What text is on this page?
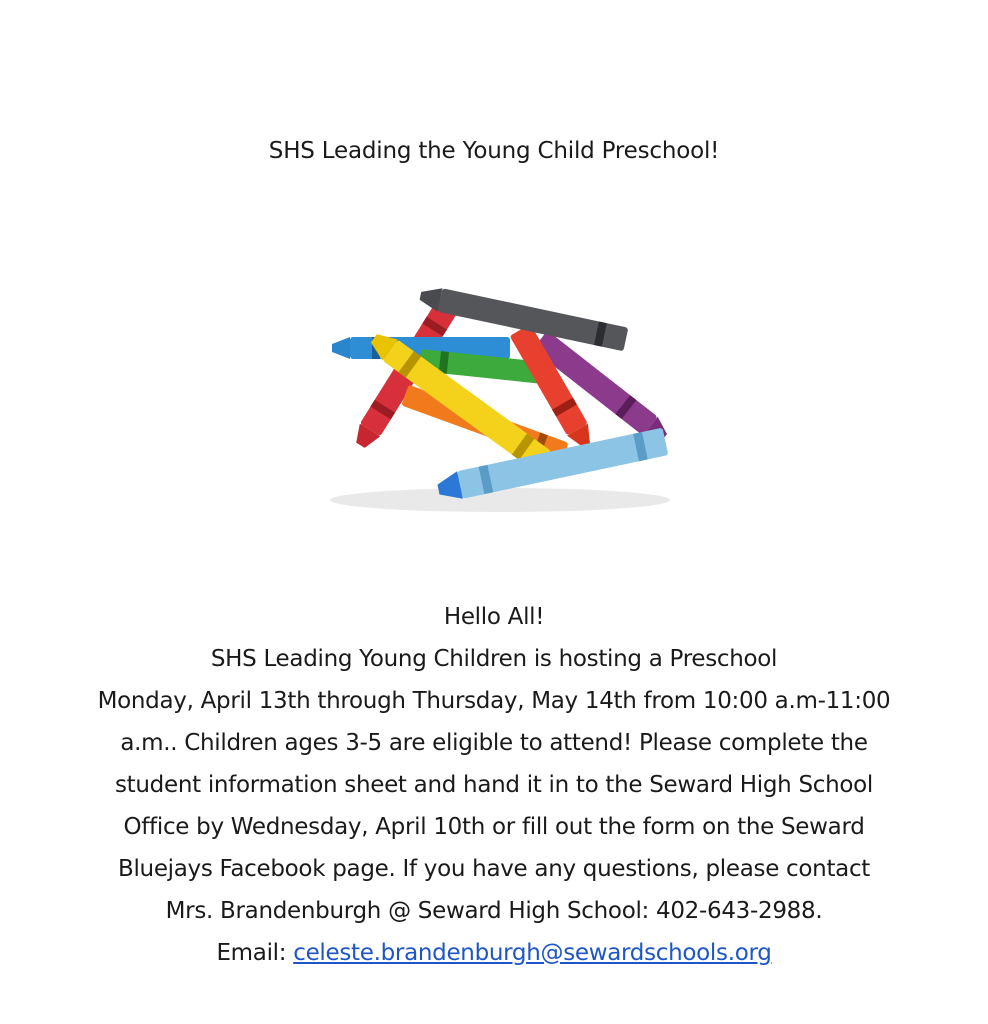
SHS Leading the Young Child Preschool!

Hello All!

SHS Leading Young Children is hosting a Preschool

Monday, April 13th through Thursday, May 14th from 10:00 a.m-11:00

a.m.. Children ages 3-5 are eligible to attend! Please complete the

student information sheet and hand it in to the Seward High School

Office by Wednesday, April 10th or fill out the form on the Seward

Bluejays Facebook page. If you have any questions, please contact

Mrs. Brandenburgh @ Seward High School: 402-643-2988.

Email: celeste.brandenburgh@sewardschools.org
